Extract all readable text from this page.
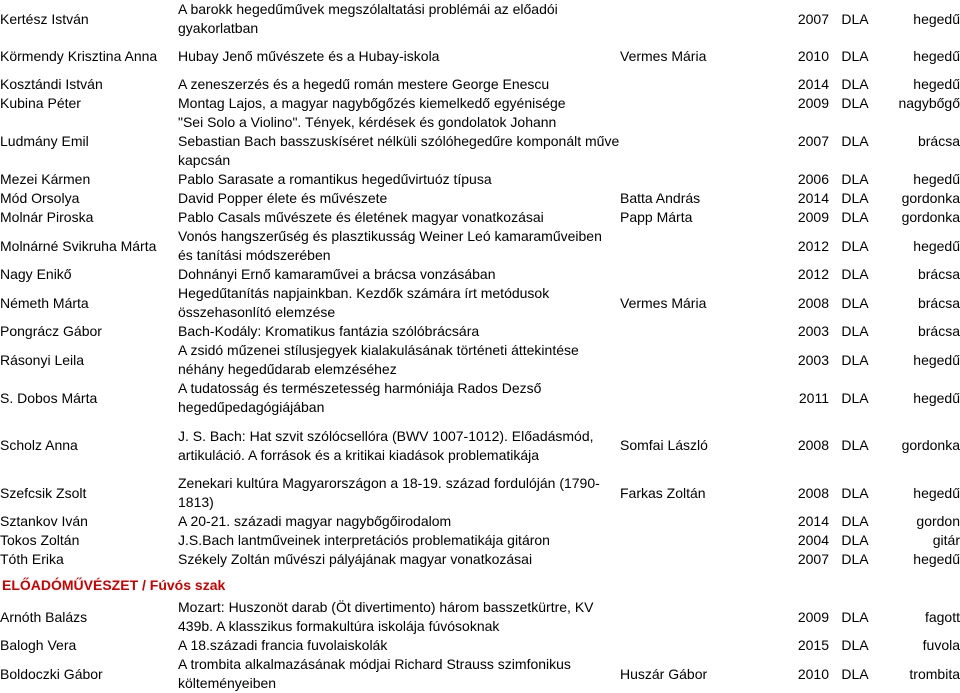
Kertész István	A barokk hegedűművek megszólaltatási problémái az előadói gyakorlatban		2007	DLA	hegedű
Körmendy Krisztina Anna	Hubay Jenő művészete és a Hubay-iskola	Vermes Mária	2010	DLA	hegedű
Kosztándi István	A zeneszerzés és a hegedű román mestere George Enescu		2014	DLA	hegedű
Kubina Péter	Montag Lajos, a magyar nagybőgőzés kiemelkedő egyénisége		2009	DLA	nagybőgő
Ludmány Emil	"Sei Solo a Violino". Tények, kérdések és gondolatok Johann Sebastian Bach basszuskíséret nélküli szólóhegedűre komponált műve kapcsán		2007	DLA	brácsa
Mezei Kármen	Pablo Sarasate a romantikus hegedűvirtuóz típusa		2006	DLA	hegedű
Mód Orsolya	David Popper élete és művészete	Batta András	2014	DLA	gordonka
Molnár Piroska	Pablo Casals művészete és életének magyar vonatkozásai	Papp Márta	2009	DLA	gordonka
Molnárné Svikruha Márta	Vonós hangszerűség és plasztikusság Weiner Leó kamaraműveiben és tanítási módszerében		2012	DLA	hegedű
Nagy Enikő	Dohnányi Ernő kamaraművei a brácsa vonzásában		2012	DLA	brácsa
Németh Márta	Hegedűtanítás napjainkban. Kezdők számára írt metódusok összehasonlító elemzése	Vermes Mária	2008	DLA	brácsa
Pongrácz Gábor	Bach-Kodály: Kromatikus fantázia szólóbrácsára		2003	DLA	brácsa
Rásonyi Leila	A zsidó műzenei stílusjegyek kialakulásának történeti áttekintése néhány hegedűdarab elemzéséhez		2003	DLA	hegedű
S. Dobos Márta	A tudatosság és természetesség harmóniája Rados Dezső hegedűpedagógiájában		2011	DLA	hegedű
Scholz Anna	J. S. Bach: Hat szvit szólócsellóra (BWV 1007-1012). Előadásmód, artikuláció. A források és a kritikai kiadások problematikája	Somfai László	2008	DLA	gordonka
Szefcsik Zsolt	Zenekari kultúra Magyarországon a 18-19. század fordulóján (1790-1813)	Farkas Zoltán	2008	DLA	hegedű
Sztankov Iván	A 20-21. századi magyar nagybőgőirodalom		2014	DLA	gordon
Tokos Zoltán	J.S.Bach lantműveinek interpretációs problematikája gitáron		2004	DLA	gitár
Tóth Erika	Székely Zoltán művészi pályájának magyar vonatkozásai		2007	DLA	hegedű
ELŐADÓMŰVÉSZET / Fúvós szak
Arnóth Balázs	Mozart: Huszonöt darab (Öt divertimento) három basszetkürtre, KV 439b. A klasszikus formakultúra iskolája fúvósoknak		2009	DLA	fagott
Balogh Vera	A 18.századi francia fuvolaiskolák		2015	DLA	fuvola
Boldoczki Gábor	A trombita alkalmazásának módjai Richard Strauss szimfonikus költeményeiben	Huszár Gábor	2010	DLA	trombita
